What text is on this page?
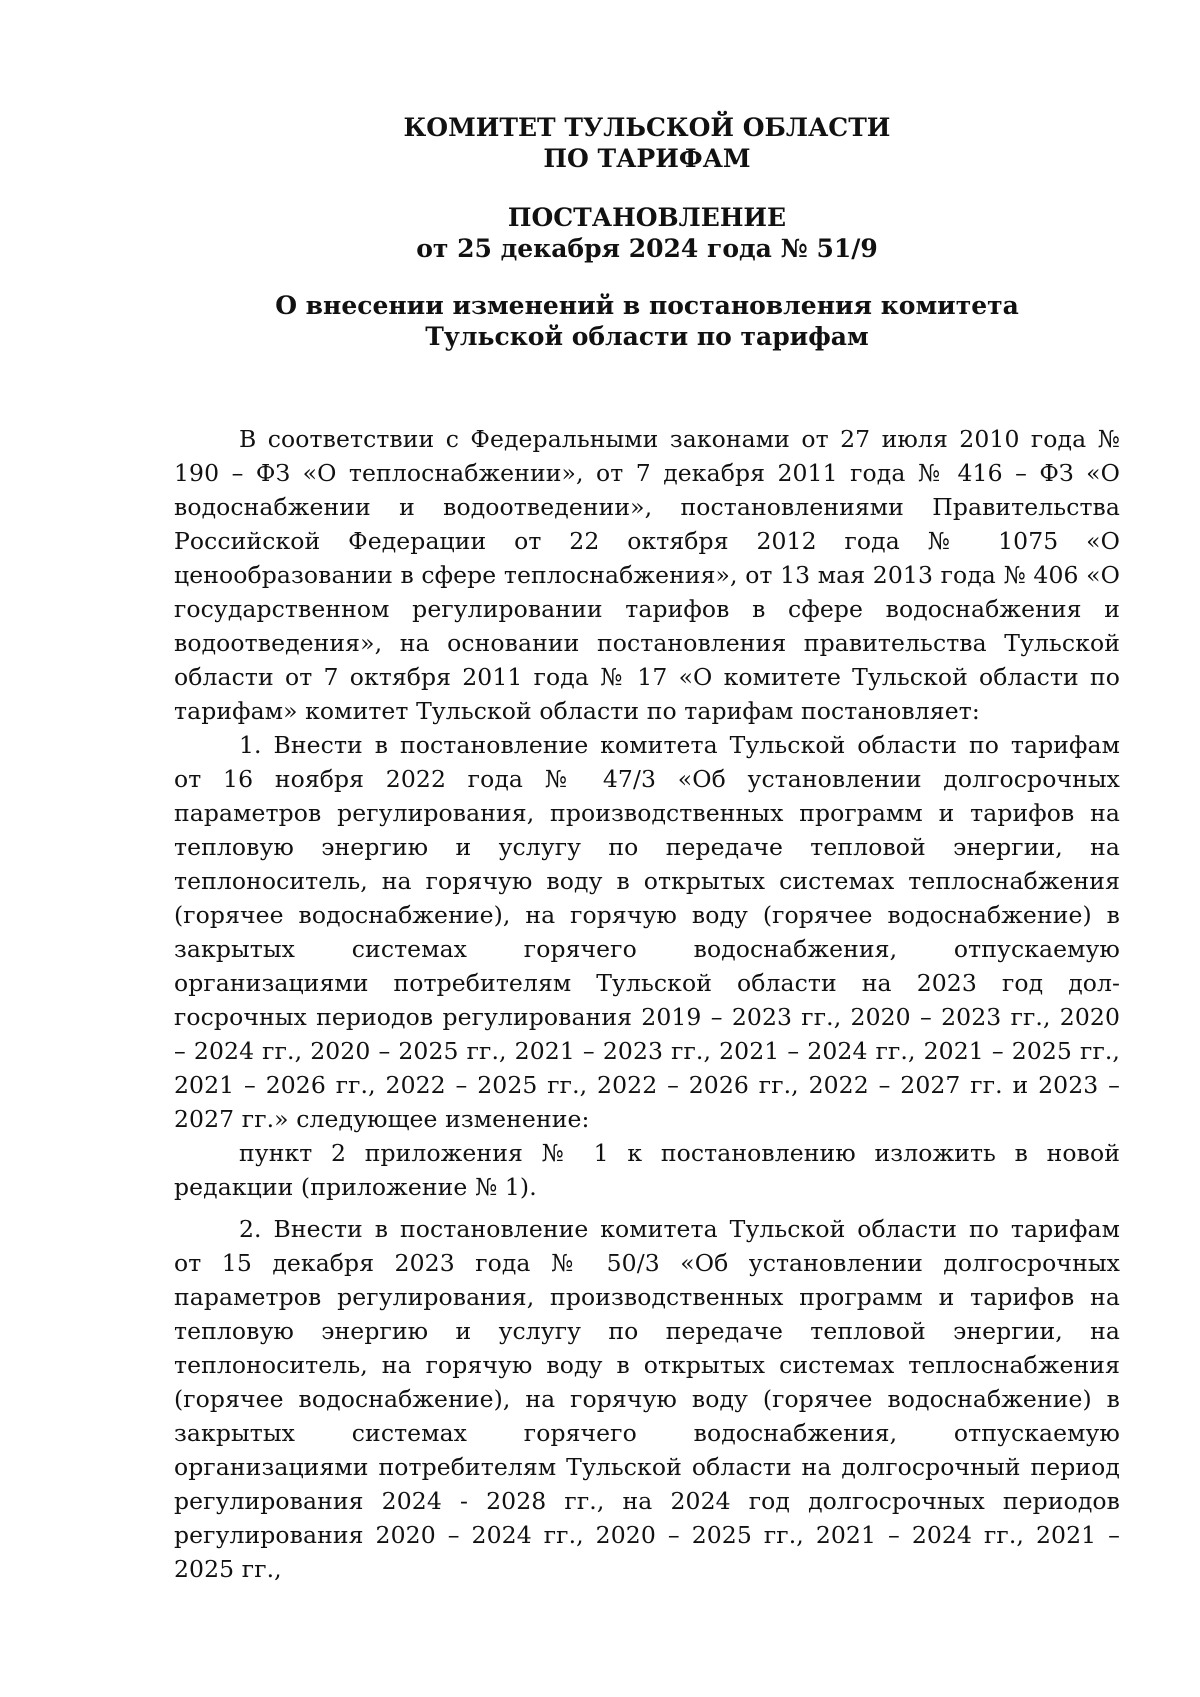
КОМИТЕТ ТУЛЬСКОЙ ОБЛАСТИ
ПО ТАРИФАМ
ПОСТАНОВЛЕНИЕ
от 25 декабря 2024 года № 51/9
О внесении изменений в постановления комитета
Тульской области по тарифам

В соответствии с Федеральными законами от 27 июля 2010 года № 190 – ФЗ «О теплоснабжении», от 7 декабря 2011 года № 416 – ФЗ «О водоснабжении и водоотведении», постановлениями Правительства Российской Федерации от 22 октября 2012 года № 1075 «О ценообразовании в сфере теплоснабжения», от 13 мая 2013 года № 406 «О государственном регулировании тарифов в сфере водоснабжения и водоотведения», на основании постановления правительства Тульской области от 7 октября 2011 года № 17 «О комитете Тульской области по тарифам» комитет Тульской области по тарифам постановляет:

1. Внести в постановление комитета Тульской области по тарифам от 16 ноября 2022 года № 47/3 «Об установлении долгосрочных параметров регулирования, производственных программ и тарифов на тепловую энергию и услугу по передаче тепловой энергии, на теплоноситель, на горячую воду в открытых системах теплоснабжения (горячее водоснабжение), на горячую воду (горячее водоснабжение) в закрытых системах горячего водоснабжения, отпускаемую организациями потребителям Тульской области на 2023 год долгосрочных периодов регулирования 2019 – 2023 гг., 2020 – 2023 гг., 2020 – 2024 гг., 2020 – 2025 гг., 2021 – 2023 гг., 2021 – 2024 гг., 2021 – 2025 гг., 2021 – 2026 гг., 2022 – 2025 гг., 2022 – 2026 гг., 2022 – 2027 гг. и 2023 – 2027 гг.» следующее изменение:

пункт 2 приложения № 1 к постановлению изложить в новой редакции (приложение № 1).

2. Внести в постановление комитета Тульской области по тарифам от 15 декабря 2023 года № 50/3 «Об установлении долгосрочных параметров регулирования, производственных программ и тарифов на тепловую энергию и услугу по передаче тепловой энергии, на теплоноситель, на горячую воду в открытых системах теплоснабжения (горячее водоснабжение), на горячую воду (горячее водоснабжение) в закрытых системах горячего водоснабжения, отпускаемую организациями потребителям Тульской области на долгосрочный период регулирования 2024 - 2028 гг., на 2024 год долгосрочных периодов регулирования 2020 – 2024 гг., 2020 – 2025 гг., 2021 – 2024 гг., 2021 – 2025 гг.,
